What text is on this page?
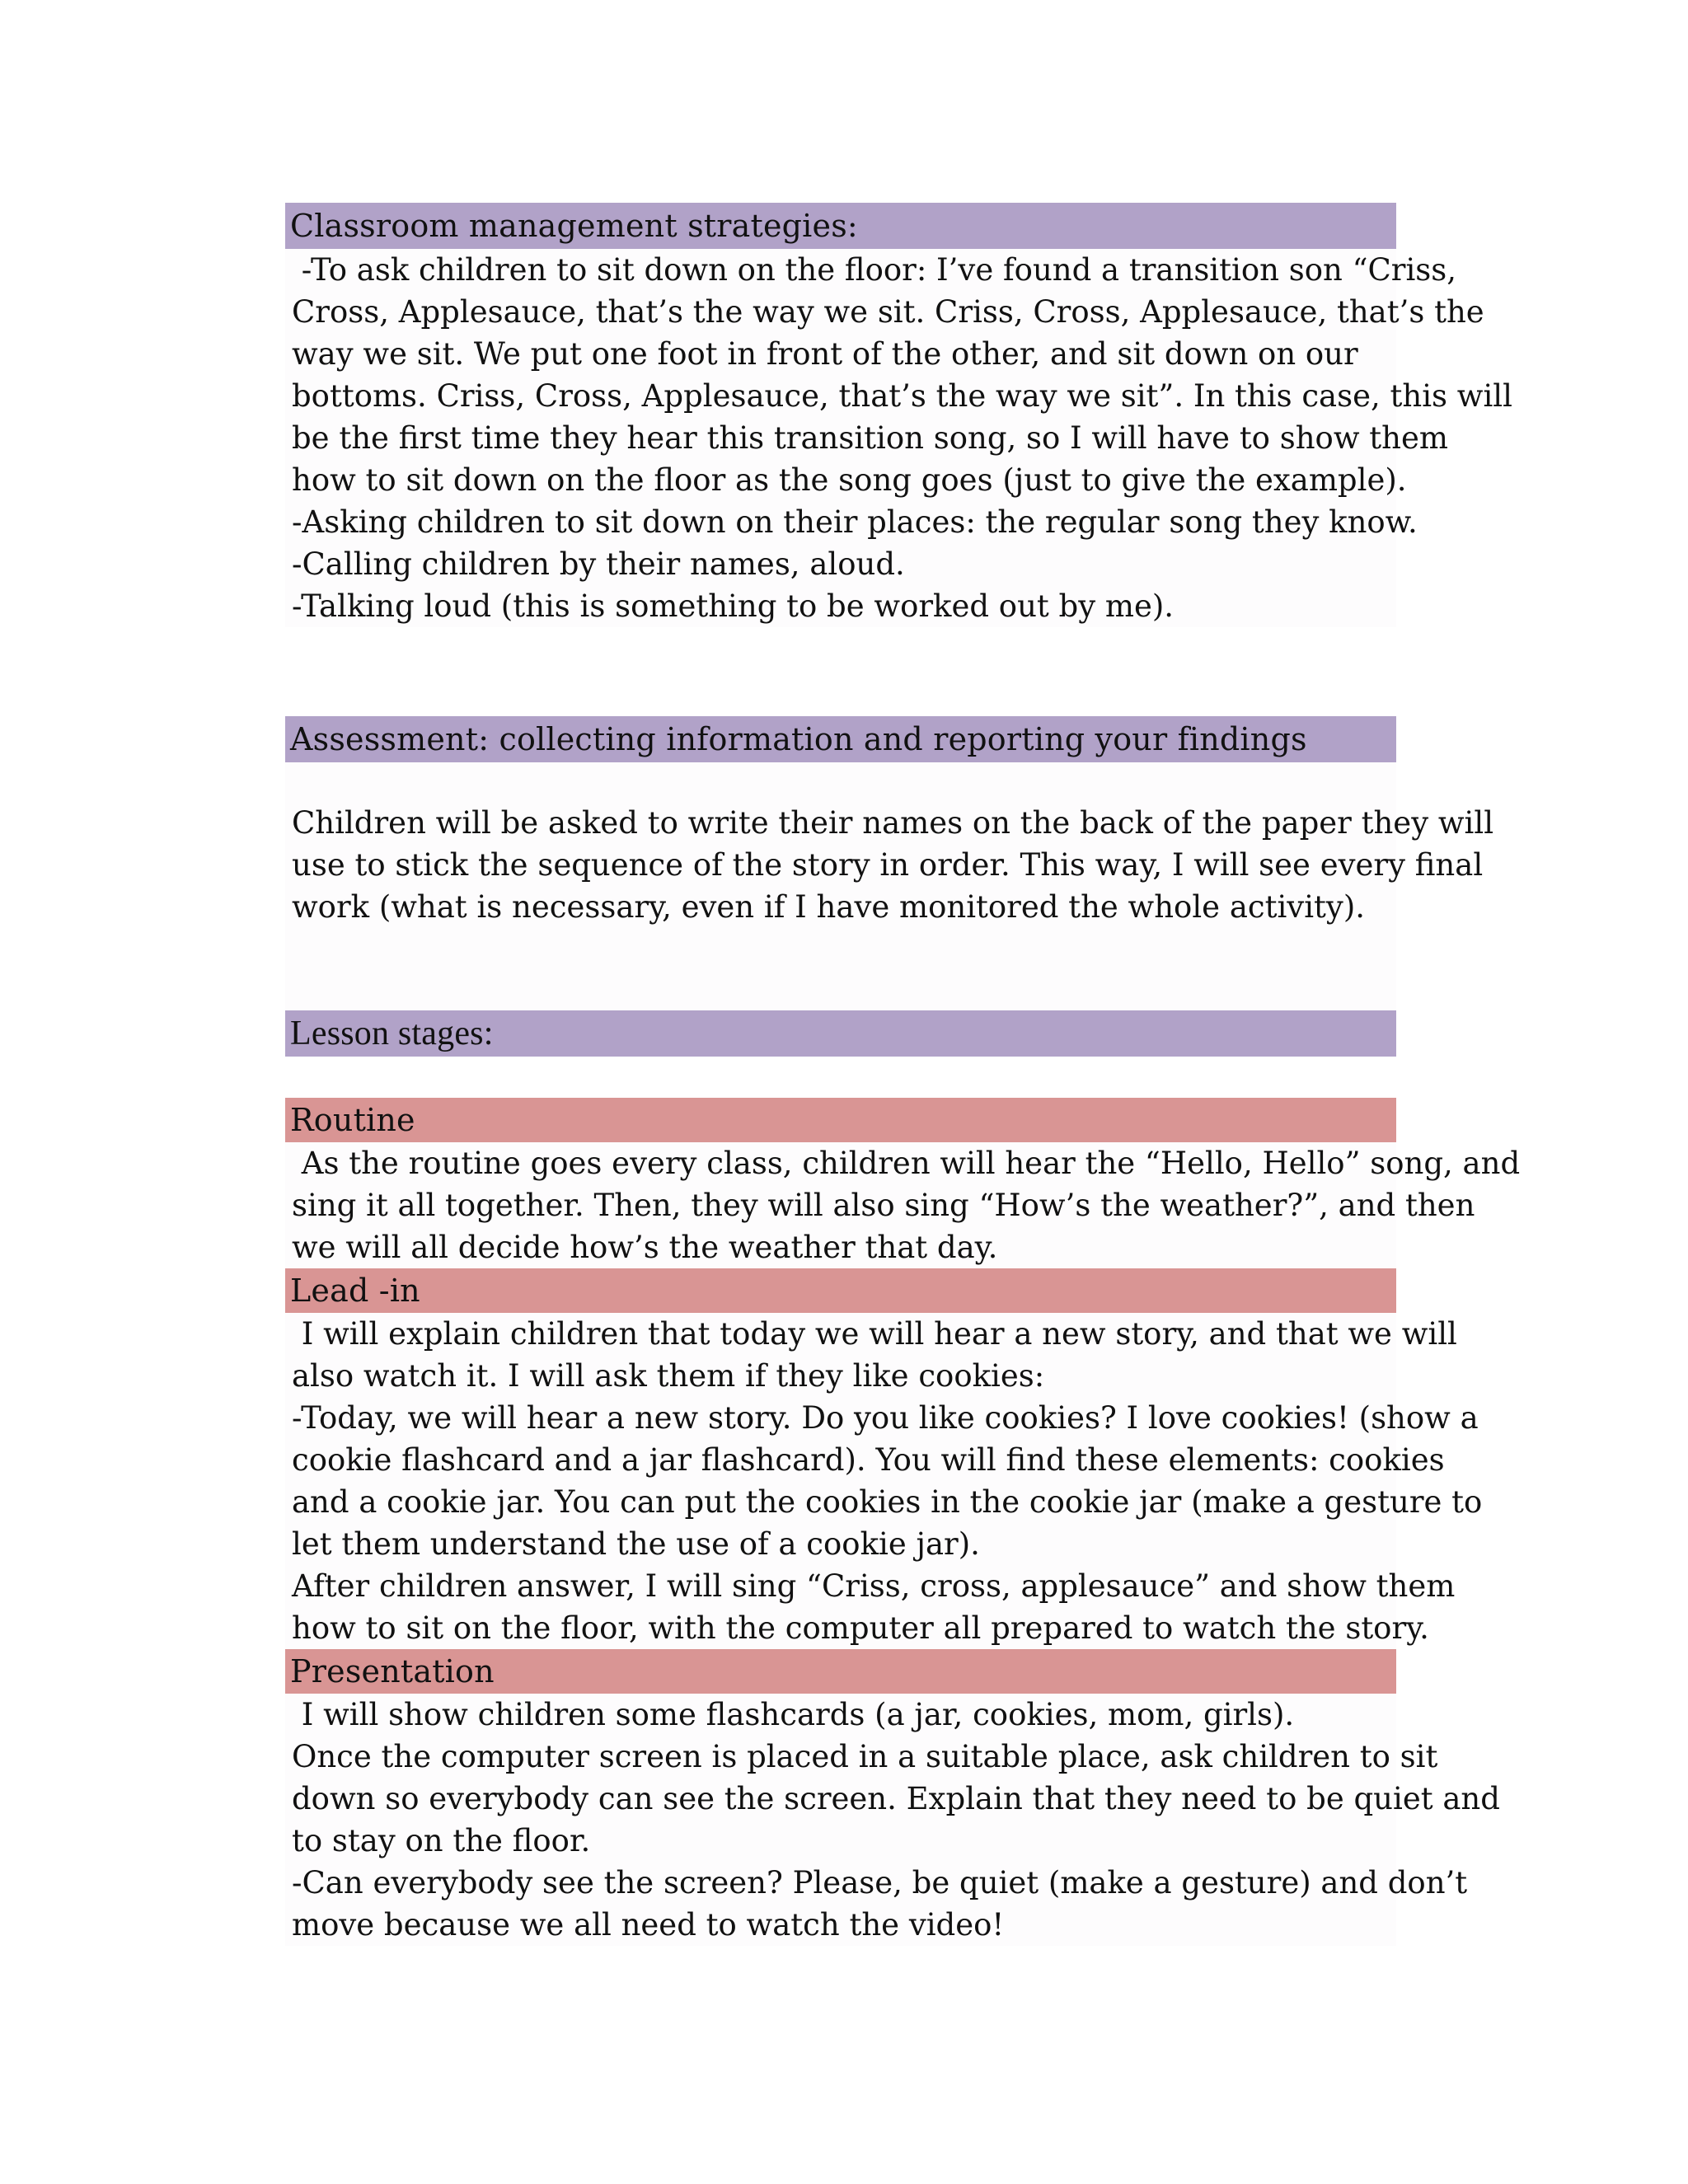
Classroom management strategies:
-To ask children to sit down on the floor: I’ve found a transition son “Criss,
Cross, Applesauce, that’s the way we sit. Criss, Cross, Applesauce, that’s the
way we sit. We put one foot in front of the other, and sit down on our
bottoms. Criss, Cross, Applesauce, that’s the way we sit”. In this case, this will
be the first time they hear this transition song, so I will have to show them
how to sit down on the floor as the song goes (just to give the example).
-Asking children to sit down on their places: the regular song they know.
-Calling children by their names, aloud.
-Talking loud (this is something to be worked out by me).
Assessment: collecting information and reporting your findings
Children will be asked to write their names on the back of the paper they will
use to stick the sequence of the story in order. This way, I will see every final
work (what is necessary, even if I have monitored the whole activity).
Lesson stages:
Routine
As the routine goes every class, children will hear the “Hello, Hello” song, and
sing it all together. Then, they will also sing “How’s the weather?”, and then
we will all decide how’s the weather that day.
Lead -in
I will explain children that today we will hear a new story, and that we will
also watch it. I will ask them if they like cookies:
-Today, we will hear a new story. Do you like cookies? I love cookies! (show a
cookie flashcard and a jar flashcard). You will find these elements: cookies
and a cookie jar. You can put the cookies in the cookie jar (make a gesture to
let them understand the use of a cookie jar).
After children answer, I will sing “Criss, cross, applesauce” and show them
how to sit on the floor, with the computer all prepared to watch the story.
Presentation
I will show children some flashcards (a jar, cookies, mom, girls).
Once the computer screen is placed in a suitable place, ask children to sit
down so everybody can see the screen. Explain that they need to be quiet and
to stay on the floor.
-Can everybody see the screen? Please, be quiet (make a gesture) and don’t
move because we all need to watch the video!
